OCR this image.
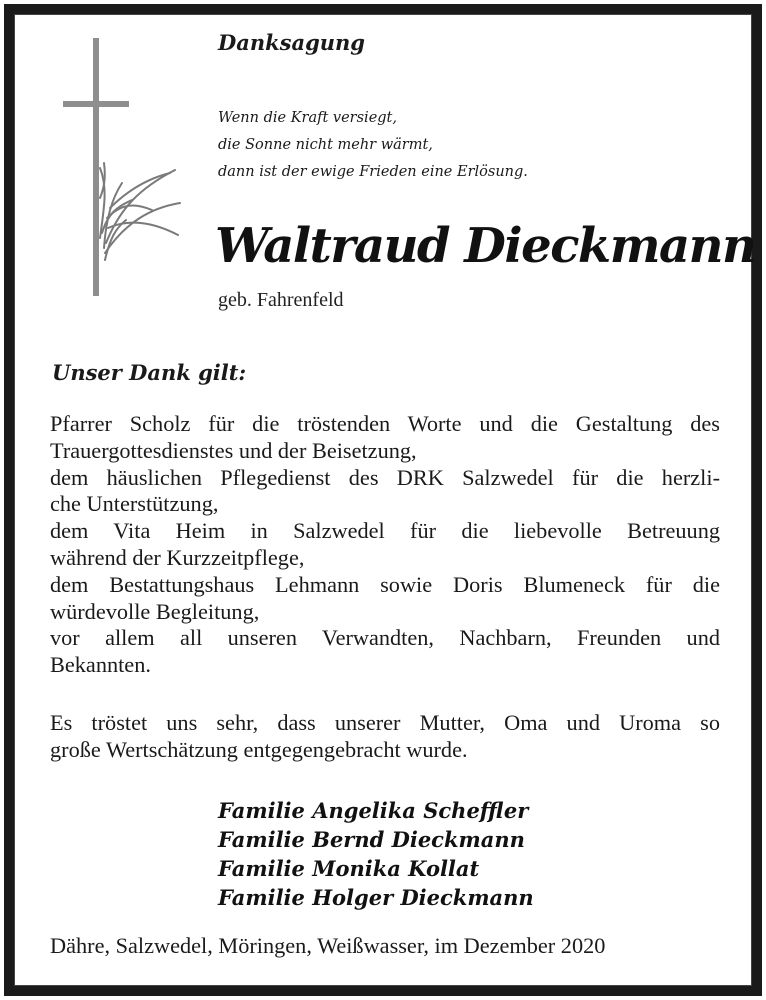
Danksagung
Wenn die Kraft versiegt,
die Sonne nicht mehr wärmt,
dann ist der ewige Frieden eine Erlösung.
Waltraud Dieckmann
geb. Fahrenfeld
Unser Dank gilt:
Pfarrer Scholz für die tröstenden Worte und die Gestaltung des
Trauergottesdienstes und der Beisetzung,
dem häuslichen Pflegedienst des DRK Salzwedel für die herzli-
che Unterstützung,
dem Vita Heim in Salzwedel für die liebevolle Betreuung
während der Kurzzeitpflege,
dem Bestattungshaus Lehmann sowie Doris Blumeneck für die
würdevolle Begleitung,
vor allem all unseren Verwandten, Nachbarn, Freunden und
Bekannten.
Es tröstet uns sehr, dass unserer Mutter, Oma und Uroma so
große Wertschätzung entgegengebracht wurde.
Familie Angelika Scheffler
Familie Bernd Dieckmann
Familie Monika Kollat
Familie Holger Dieckmann
Dähre, Salzwedel, Möringen, Weißwasser, im Dezember 2020
